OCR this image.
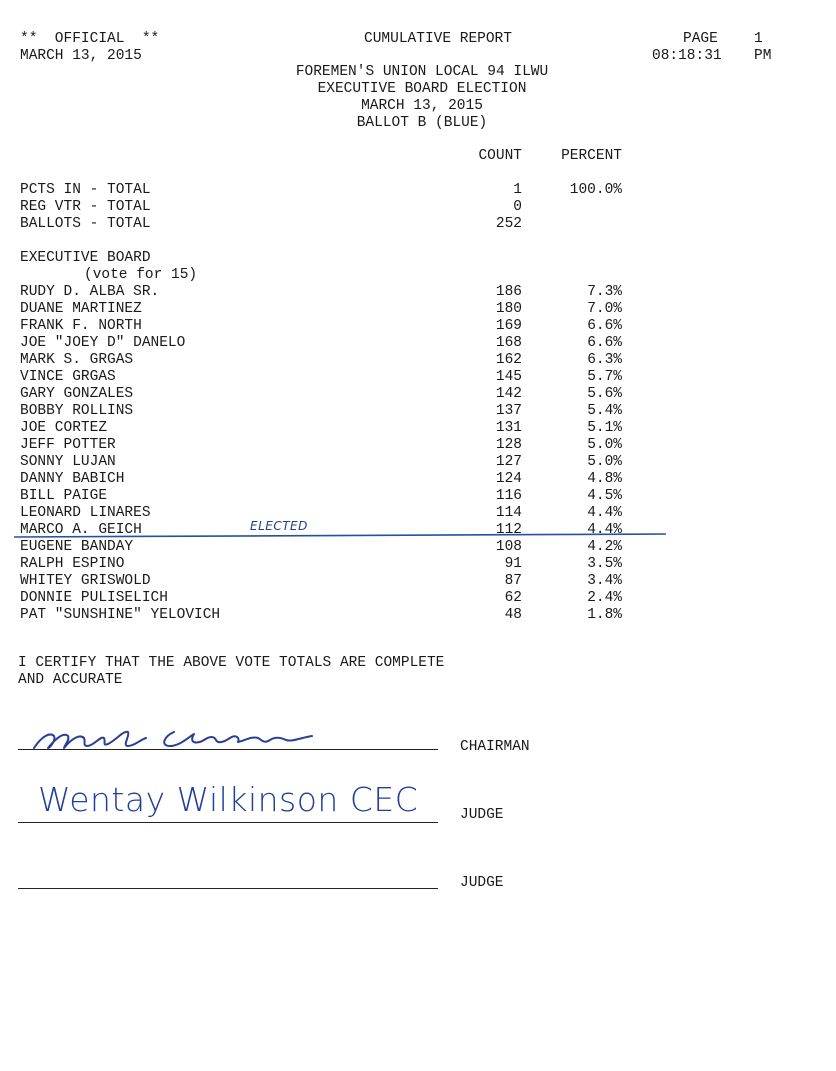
**  OFFICIAL  **
MARCH 13, 2015
CUMULATIVE REPORT	PAGE 1
08:18:31 PM
FOREMEN'S UNION LOCAL 94 ILWU
EXECUTIVE BOARD ELECTION
MARCH 13, 2015
BALLOT B (BLUE)
COUNT	PERCENT
PCTS IN - TOTAL	1	100.0%
REG VTR - TOTAL	0
BALLOTS - TOTAL	252
EXECUTIVE BOARD
(vote for 15)
RUDY D. ALBA SR.	186	7.3%
DUANE MARTINEZ	180	7.0%
FRANK F. NORTH	169	6.6%
JOE "JOEY D" DANELO	168	6.6%
MARK S. GRGAS	162	6.3%
VINCE GRGAS	145	5.7%
GARY GONZALES	142	5.6%
BOBBY ROLLINS	137	5.4%
JOE CORTEZ	131	5.1%
JEFF POTTER	128	5.0%
SONNY LUJAN	127	5.0%
DANNY BABICH	124	4.8%
BILL PAIGE	116	4.5%
LEONARD LINARES	114	4.4%
MARCO A. GEICH	112	4.4%
EUGENE BANDAY	108	4.2%
RALPH ESPINO	91	3.5%
WHITEY GRISWOLD	87	3.4%
DONNIE PULISELICH	62	2.4%
PAT "SUNSHINE" YELOVICH	48	1.8%
ELECTED
I CERTIFY THAT THE ABOVE VOTE TOTALS ARE COMPLETE
AND ACCURATE
CHAIRMAN
Wentay Wilkinson CEC	JUDGE
JUDGE
